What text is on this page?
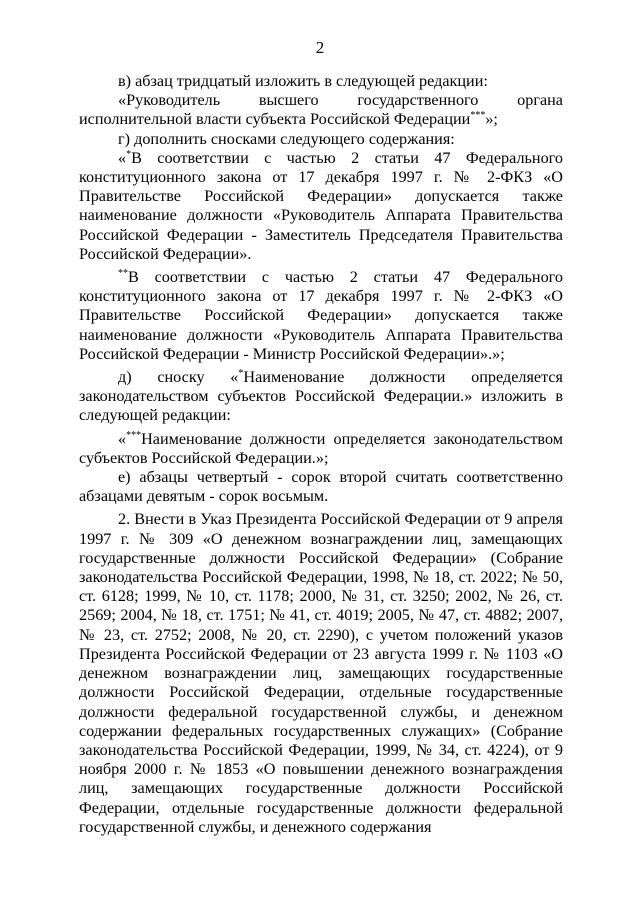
2

в) абзац тридцатый изложить в следующей редакции:

«Руководитель высшего государственного органа исполнительной власти субъекта Российской Федерации***»;

г) дополнить сносками следующего содержания:

«*В соответствии с частью 2 статьи 47 Федерального конституционного закона от 17 декабря 1997 г. № 2-ФКЗ «О Правительстве Российской Федерации» допускается также наименование должности «Руководитель Аппарата Правительства Российской Федерации - Заместитель Председателя Правительства Российской Федерации».

**В соответствии с частью 2 статьи 47 Федерального конституционного закона от 17 декабря 1997 г. № 2-ФКЗ «О Правительстве Российской Федерации» допускается также наименование должности «Руководитель Аппарата Правительства Российской Федерации - Министр Российской Федерации».»;

д) сноску «*Наименование должности определяется законодательством субъектов Российской Федерации.» изложить в следующей редакции:

«***Наименование должности определяется законодательством субъектов Российской Федерации.»;

е) абзацы четвертый - сорок второй считать соответственно абзацами девятым - сорок восьмым.

2. Внести в Указ Президента Российской Федерации от 9 апреля 1997 г. № 309 «О денежном вознаграждении лиц, замещающих государственные должности Российской Федерации» (Собрание законодательства Российской Федерации, 1998, № 18, ст. 2022; № 50, ст. 6128; 1999, № 10, ст. 1178; 2000, № 31, ст. 3250; 2002, № 26, ст. 2569; 2004, № 18, ст. 1751; № 41, ст. 4019; 2005, № 47, ст. 4882; 2007, № 23, ст. 2752; 2008, № 20, ст. 2290), с учетом положений указов Президента Российской Федерации от 23 августа 1999 г. № 1103 «О денежном вознаграждении лиц, замещающих государственные должности Российской Федерации, отдельные государственные должности федеральной государственной службы, и денежном содержании федеральных государственных служащих» (Собрание законодательства Российской Федерации, 1999, № 34, ст. 4224), от 9 ноября 2000 г. № 1853 «О повышении денежного вознаграждения лиц, замещающих государственные должности Российской Федерации, отдельные государственные должности федеральной государственной службы, и денежного содержания
